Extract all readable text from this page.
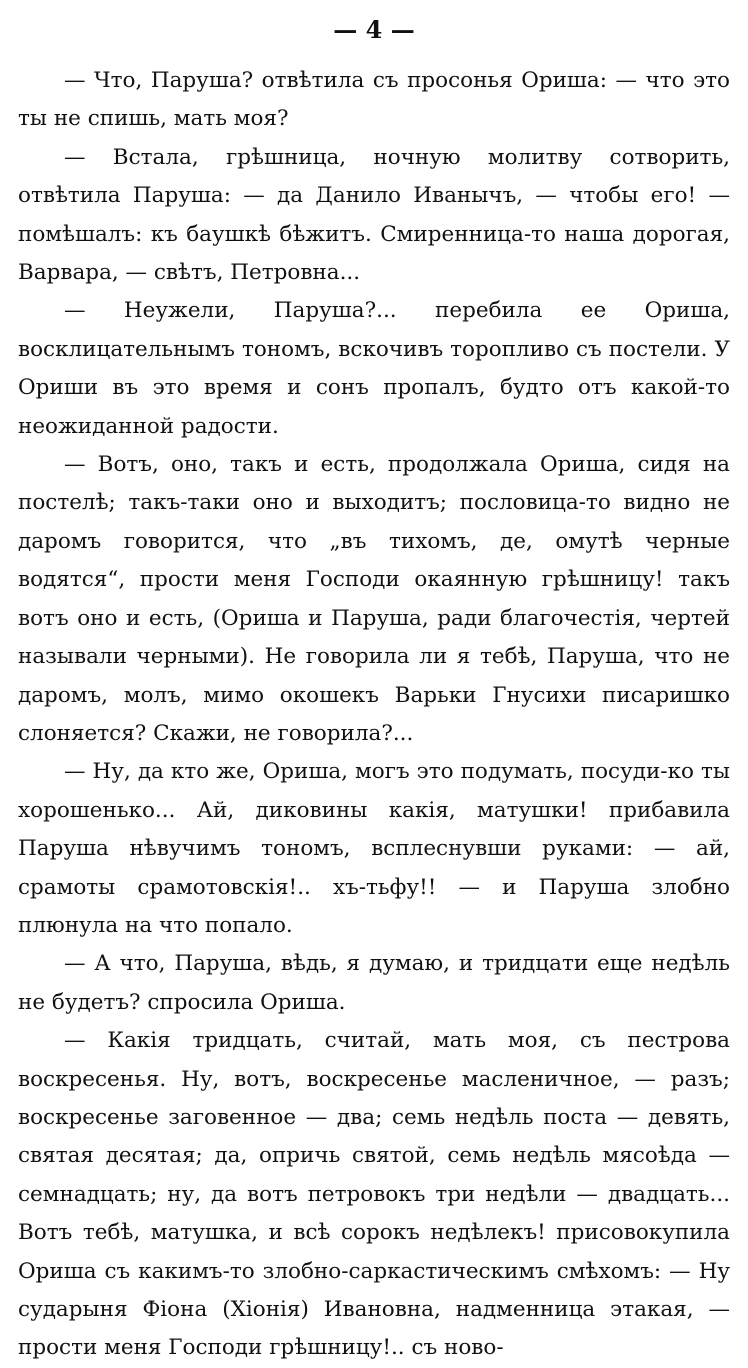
— 4 —

— Что, Паруша? отвѣтила съ просонья Ориша: — что это ты не спишь, мать моя?

— Встала, грѣшница, ночную молитву сотворить, отвѣтила Паруша: — да Данило Иванычъ, — чтобы его! — помѣшалъ: къ баушкѣ бѣжитъ. Смиренница-то наша дорогая, Варвара, — свѣтъ, Петровна...

— Неужели, Паруша?... перебила ее Ориша, восклицательнымъ тономъ, вскочивъ торопливо съ постели. У Ориши въ это время и сонъ пропалъ, будто отъ какой-то неожиданной радости.

— Вотъ, оно, такъ и есть, продолжала Ориша, сидя на постелѣ; такъ-таки оно и выходитъ; пословица-то видно не даромъ говорится, что „въ тихомъ, де, омутѣ черные водятся“, прости меня Господи окаянную грѣшницу! такъ вотъ оно и есть, (Ориша и Паруша, ради благочестія, чертей называли черными). Не говорила ли я тебѣ, Паруша, что не даромъ, молъ, мимо окошекъ Варьки Гнусихи писаришко слоняется? Скажи, не говорила?...

— Ну, да кто же, Ориша, могъ это подумать, посуди-ко ты хорошенько... Ай, диковины какія, матушки! прибавила Паруша нѣвучимъ тономъ, всплеснувши руками: — ай, срамоты срамотовскія!.. хъ-тьфу!! — и Паруша злобно плюнула на что попало.

— А что, Паруша, вѣдь, я думаю, и тридцати еще недѣль не будетъ? спросила Ориша.

— Какія тридцать, считай, мать моя, съ пестрова воскресенья. Ну, вотъ, воскресенье масленичное, — разъ; воскресенье заговенное — два; семь недѣль поста — девять, святая десятая; да, опричь святой, семь недѣль мясоѣда — семнадцать; ну, да вотъ петровокъ три недѣли — двадцать... Вотъ тебѣ, матушка, и всѣ сорокъ недѣлекъ! присовокупила Ориша съ какимъ-то злобно-саркастическимъ смѣхомъ: — Ну сударыня Фіона (Хіонія) Ивановна, надменница этакая, — прости меня Господи грѣшницу!.. съ ново-
